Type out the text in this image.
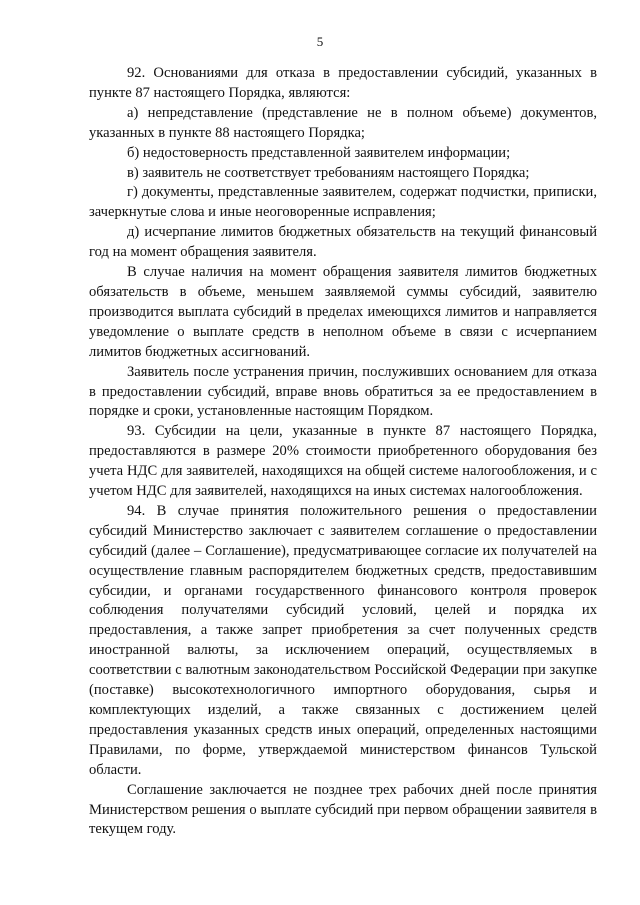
5

92. Основаниями для отказа в предоставлении субсидий, указанных в пункте 87 настоящего Порядка, являются:

а) непредставление (представление не в полном объеме) документов, указанных в пункте 88 настоящего Порядка;

б) недостоверность представленной заявителем информации;

в) заявитель не соответствует требованиям настоящего Порядка;

г) документы, представленные заявителем, содержат подчистки, приписки, зачеркнутые слова и иные неоговоренные исправления;

д) исчерпание лимитов бюджетных обязательств на текущий финансовый год на момент обращения заявителя.

В случае наличия на момент обращения заявителя лимитов бюджетных обязательств в объеме, меньшем заявляемой суммы субсидий, заявителю производится выплата субсидий в пределах имеющихся лимитов и направляется уведомление о выплате средств в неполном объеме в связи с исчерпанием лимитов бюджетных ассигнований.

Заявитель после устранения причин, послуживших основанием для отказа в предоставлении субсидий, вправе вновь обратиться за ее предоставлением в порядке и сроки, установленные настоящим Порядком.

93. Субсидии на цели, указанные в пункте 87 настоящего Порядка, предоставляются в размере 20% стоимости приобретенного оборудования без учета НДС для заявителей, находящихся на общей системе налогообложения, и с учетом НДС для заявителей, находящихся на иных системах налогообложения.

94. В случае принятия положительного решения о предоставлении субсидий Министерство заключает с заявителем соглашение о предоставлении субсидий (далее – Соглашение), предусматривающее согласие их получателей на осуществление главным распорядителем бюджетных средств, предоставившим субсидии, и органами государственного финансового контроля проверок соблюдения получателями субсидий условий, целей и порядка их предоставления, а также запрет приобретения за счет полученных средств иностранной валюты, за исключением операций, осуществляемых в соответствии с валютным законодательством Российской Федерации при закупке (поставке) высокотехнологичного импортного оборудования, сырья и комплектующих изделий, а также связанных с достижением целей предоставления указанных средств иных операций, определенных настоящими Правилами, по форме, утверждаемой министерством финансов Тульской области.

Соглашение заключается не позднее трех рабочих дней после принятия Министерством решения о выплате субсидий при первом обращении заявителя в текущем году.
